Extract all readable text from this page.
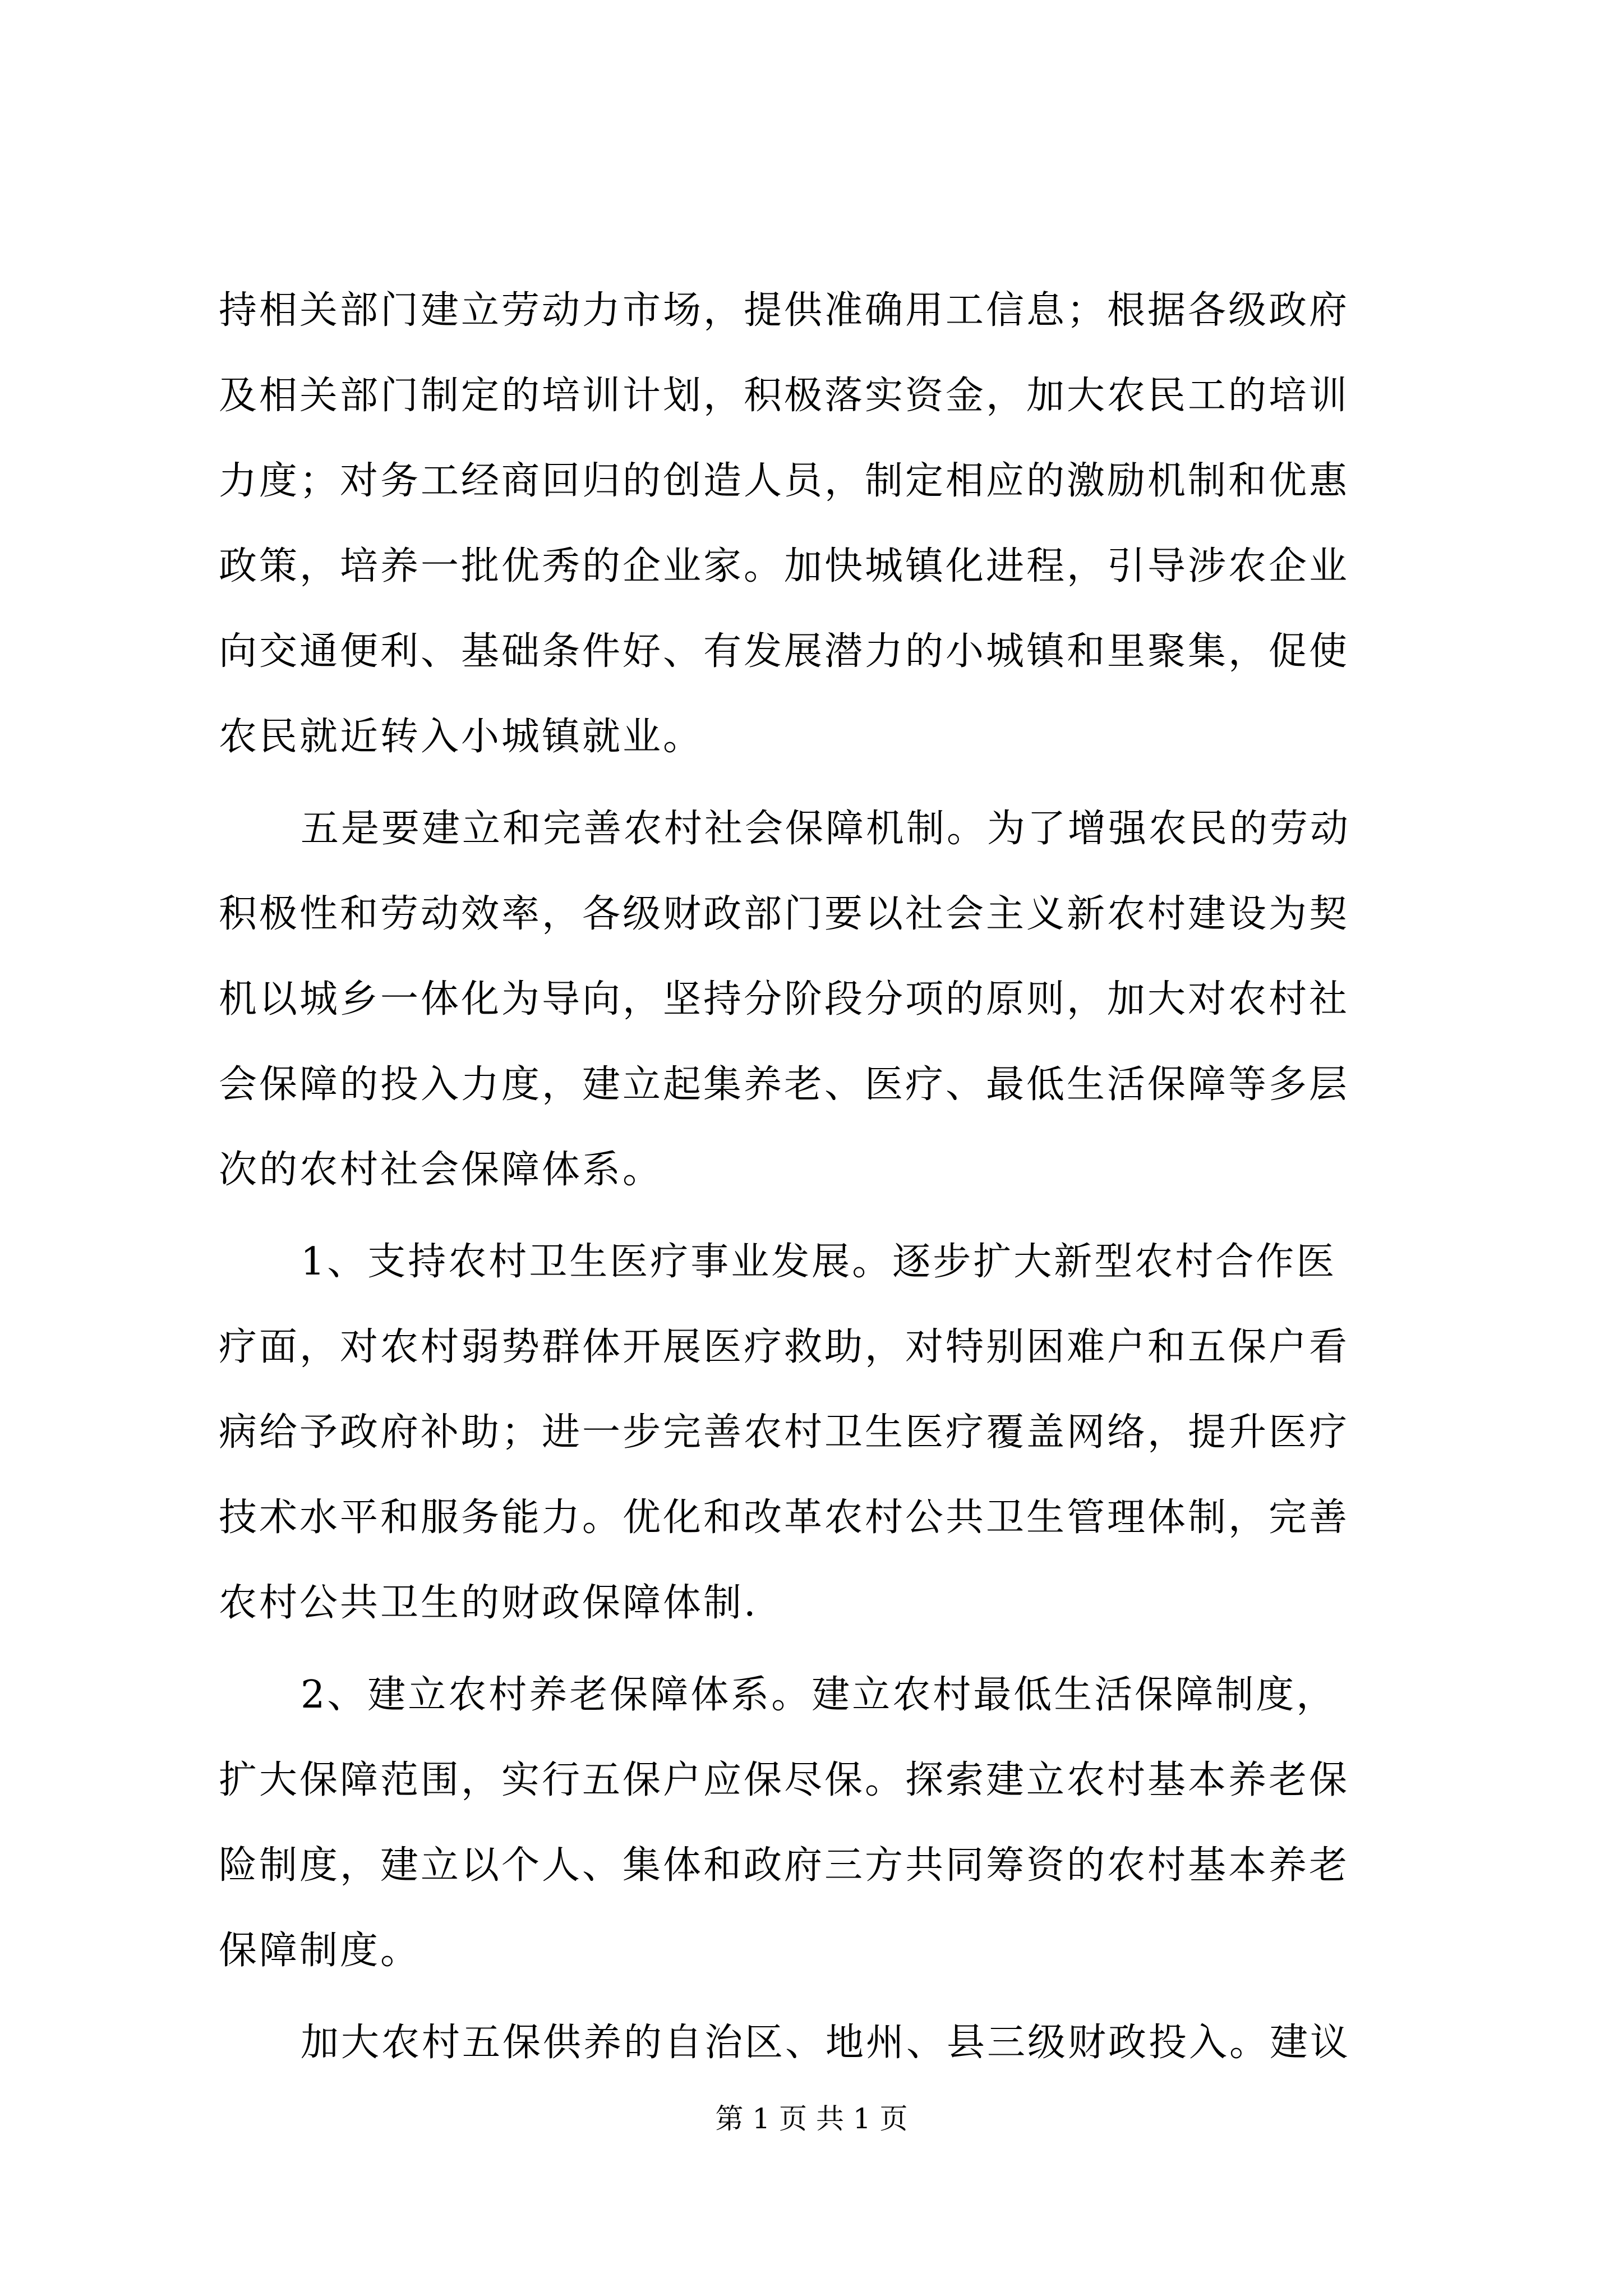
持相关部门建立劳动力市场，提供准确用工信息；根据各级政府
及相关部门制定的培训计划，积极落实资金，加大农民工的培训
力度；对务工经商回归的创造人员，制定相应的激励机制和优惠
政策，培养一批优秀的企业家。加快城镇化进程，引导涉农企业
向交通便利、基础条件好、有发展潜力的小城镇和里聚集，促使
农民就近转入小城镇就业。
五是要建立和完善农村社会保障机制。为了增强农民的劳动
积极性和劳动效率，各级财政部门要以社会主义新农村建设为契
机以城乡一体化为导向，坚持分阶段分项的原则，加大对农村社
会保障的投入力度，建立起集养老、医疗、最低生活保障等多层
次的农村社会保障体系。
1、支持农村卫生医疗事业发展。逐步扩大新型农村合作医
疗面，对农村弱势群体开展医疗救助，对特别困难户和五保户看
病给予政府补助；进一步完善农村卫生医疗覆盖网络，提升医疗
技术水平和服务能力。优化和改革农村公共卫生管理体制，完善
农村公共卫生的财政保障体制.
2、建立农村养老保障体系。建立农村最低生活保障制度，
扩大保障范围，实行五保户应保尽保。探索建立农村基本养老保
险制度，建立以个人、集体和政府三方共同筹资的农村基本养老
保障制度。
加大农村五保供养的自治区、地州、县三级财政投入。建议
第 1 页 共 1 页
